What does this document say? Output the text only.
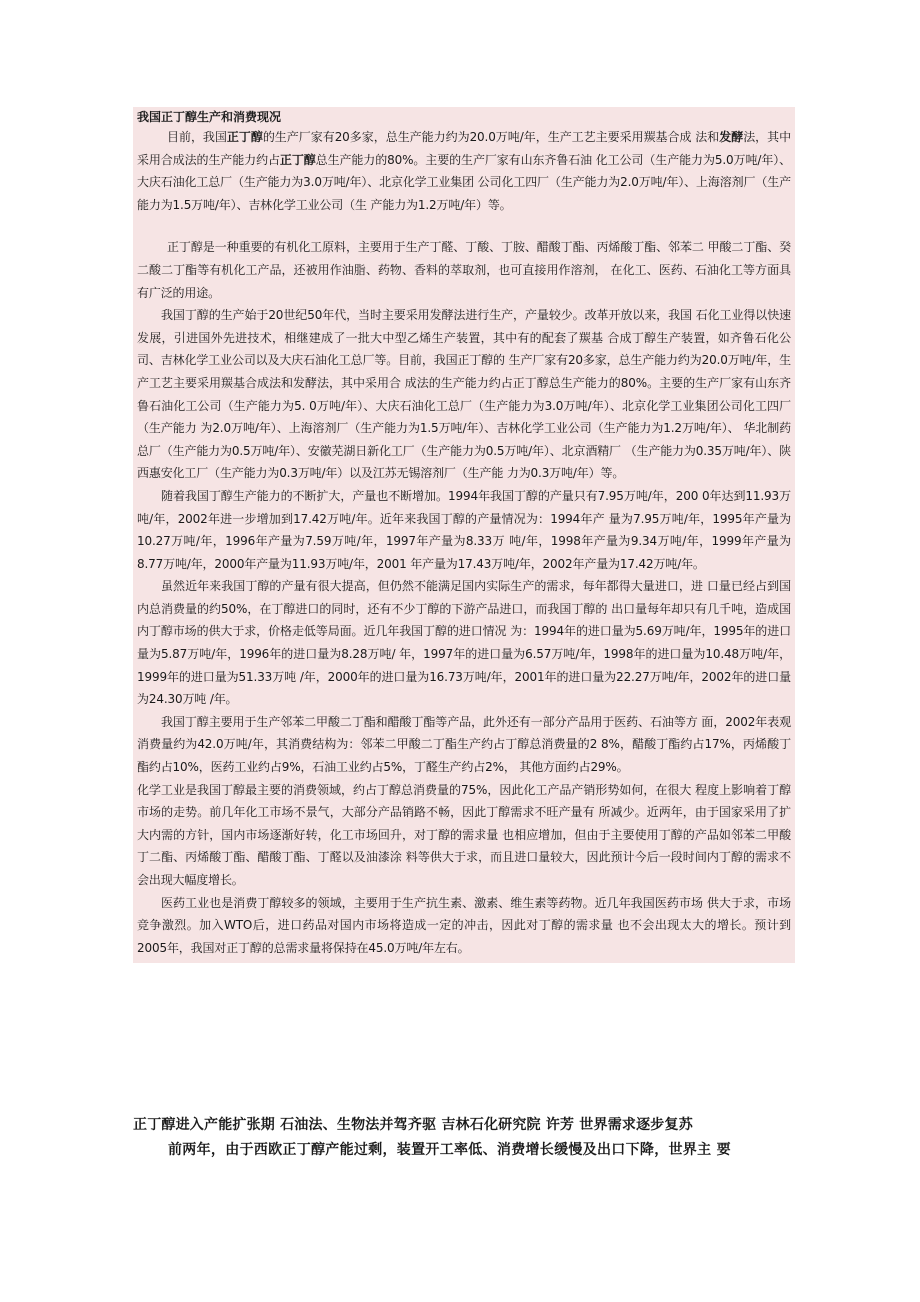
我国正丁醇生产和消费现况

目前，我国正丁醇的生产厂家有20多家，总生产能力约为20.0万吨/年，生产工艺主要采用羰基合成 法和发酵法，其中采用合成法的生产能力约占正丁醇总生产能力的80%。主要的生产厂家有山东齐鲁石油 化工公司（生产能力为5.0万吨/年）、大庆石油化工总厂（生产能力为3.0万吨/年）、北京化学工业集团 公司化工四厂（生产能力为2.0万吨/年）、上海溶剂厂（生产能力为1.5万吨/年）、吉林化学工业公司（生 产能力为1.2万吨/年）等。

正丁醇是一种重要的有机化工原料，主要用于生产丁醛、丁酸、丁胺、醋酸丁酯、丙烯酸丁酯、邻苯二 甲酸二丁酯、癸二酸二丁酯等有机化工产品，还被用作油脂、药物、香料的萃取剂，也可直接用作溶剂， 在化工、医药、石油化工等方面具有广泛的用途。

我国丁醇的生产始于20世纪50年代，当时主要采用发酵法进行生产，产量较少。改革开放以来，我国 石化工业得以快速发展，引进国外先进技术，相继建成了一批大中型乙烯生产装置，其中有的配套了羰基 合成丁醇生产装置，如齐鲁石化公司、吉林化学工业公司以及大庆石油化工总厂等。目前，我国正丁醇的 生产厂家有20多家，总生产能力约为20.0万吨/年，生产工艺主要采用羰基合成法和发酵法，其中采用合 成法的生产能力约占正丁醇总生产能力的80%。主要的生产厂家有山东齐鲁石油化工公司（生产能力为5. 0万吨/年）、大庆石油化工总厂（生产能力为3.0万吨/年）、北京化学工业集团公司化工四厂（生产能力 为2.0万吨/年）、上海溶剂厂（生产能力为1.5万吨/年）、吉林化学工业公司（生产能力为1.2万吨/年）、 华北制药总厂（生产能力为0.5万吨/年）、安徽芜湖日新化工厂（生产能力为0.5万吨/年）、北京酒精厂 （生产能力为0.35万吨/年）、陕西惠安化工厂（生产能力为0.3万吨/年）以及江苏无锡溶剂厂（生产能 力为0.3万吨/年）等。

随着我国丁醇生产能力的不断扩大，产量也不断增加。1994年我国丁醇的产量只有7.95万吨/年，200 0年达到11.93万吨/年，2002年进一步增加到17.42万吨/年。近年来我国丁醇的产量情况为：1994年产 量为7.95万吨/年，1995年产量为10.27万吨/年，1996年产量为7.59万吨/年，1997年产量为8.33万 吨/年，1998年产量为9.34万吨/年，1999年产量为8.77万吨/年，2000年产量为11.93万吨/年，2001 年产量为17.43万吨/年，2002年产量为17.42万吨/年。

虽然近年来我国丁醇的产量有很大提高，但仍然不能满足国内实际生产的需求，每年都得大量进口，进 口量已经占到国内总消费量的约50%，在丁醇进口的同时，还有不少丁醇的下游产品进口，而我国丁醇的 出口量每年却只有几千吨，造成国内丁醇市场的供大于求，价格走低等局面。近几年我国丁醇的进口情况 为：1994年的进口量为5.69万吨/年，1995年的进口量为5.87万吨/年，1996年的进口量为8.28万吨/ 年，1997年的进口量为6.57万吨/年，1998年的进口量为10.48万吨/年，1999年的进口量为51.33万吨 /年，2000年的进口量为16.73万吨/年，2001年的进口量为22.27万吨/年，2002年的进口量为24.30万吨 /年。

我国丁醇主要用于生产邻苯二甲酸二丁酯和醋酸丁酯等产品，此外还有一部分产品用于医药、石油等方 面，2002年表观消费量约为42.0万吨/年，其消费结构为：邻苯二甲酸二丁酯生产约占丁醇总消费量的2 8%，醋酸丁酯约占17%，丙烯酸丁酯约占10%，医药工业约占9%，石油工业约占5%，丁醛生产约占2%， 其他方面约占29%。

化学工业是我国丁醇最主要的消费领域，约占丁醇总消费量的75%，因此化工产品产销形势如何，在很大 程度上影响着丁醇市场的走势。前几年化工市场不景气，大部分产品销路不畅，因此丁醇需求不旺产量有 所减少。近两年，由于国家采用了扩大内需的方针，国内市场逐渐好转，化工市场回升，对丁醇的需求量 也相应增加，但由于主要使用丁醇的产品如邻苯二甲酸丁二酯、丙烯酸丁酯、醋酸丁酯、丁醛以及油漆涂 料等供大于求，而且进口量较大，因此预计今后一段时间内丁醇的需求不会出现大幅度增长。

医药工业也是消费丁醇较多的领域，主要用于生产抗生素、激素、维生素等药物。近几年我国医药市场 供大于求，市场竞争激烈。加入WTO后，进口药品对国内市场将造成一定的冲击，因此对丁醇的需求量 也不会出现太大的增长。预计到2005年，我国对正丁醇的总需求量将保持在45.0万吨/年左右。

正丁醇进入产能扩张期 石油法、生物法并驾齐驱 吉林石化研究院 许芳 世界需求逐步复苏

前两年，由于西欧正丁醇产能过剩，装置开工率低、消费增长缓慢及出口下降，世界主 要
